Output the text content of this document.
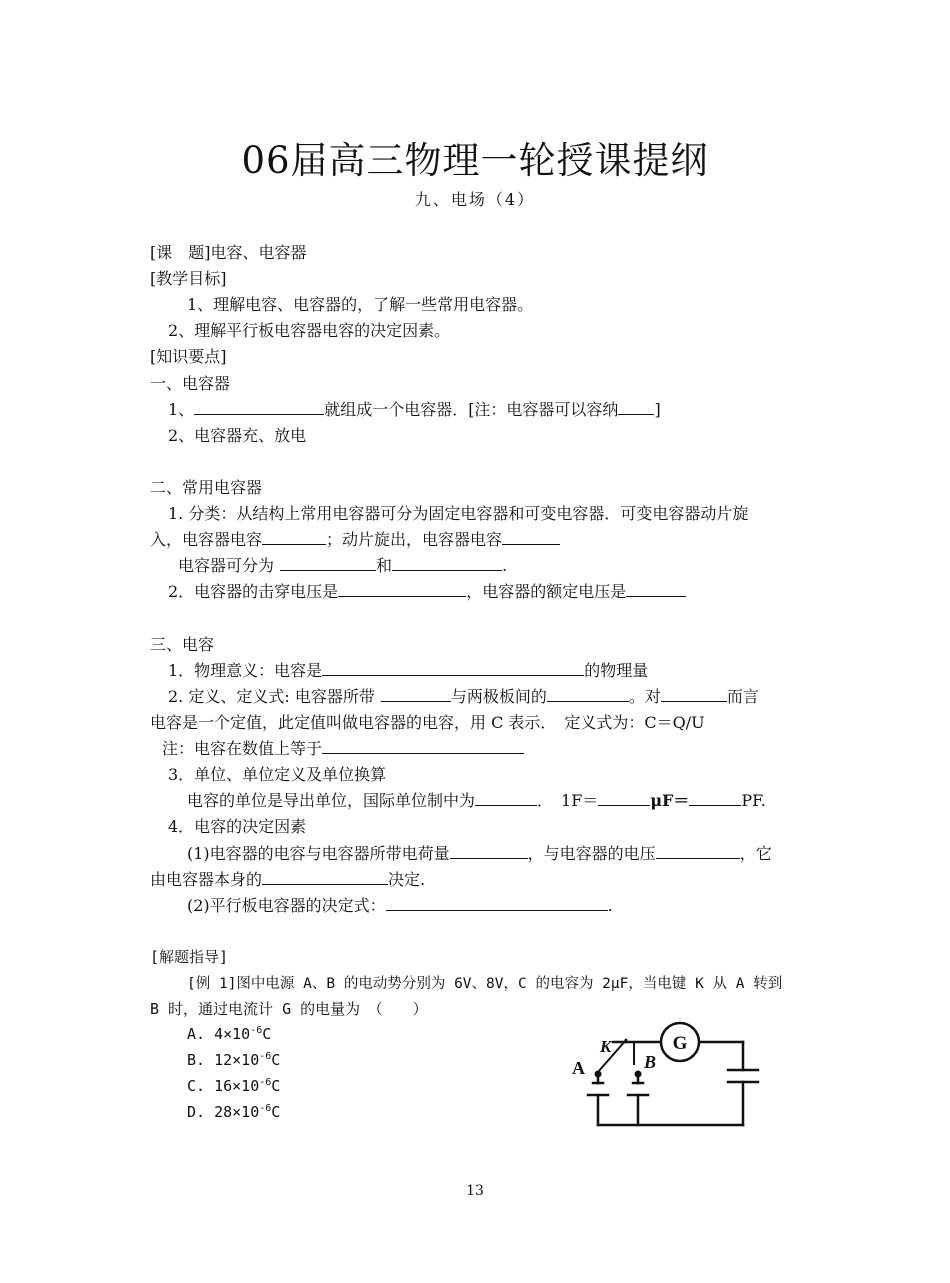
06届高三物理一轮授课提纲
九、电场（4）
[课　题]电容、电容器
[教学目标]
1、理解电容、电容器的，了解一些常用电容器。
2、理解平行板电容器电容的决定因素。
[知识要点]
一、电容器
1、	就组成一个电容器．[注：电容器可以容纳 ]
2、电容器充、放电
二、常用电容器
1. 分类：从结构上常用电容器可分为固定电容器和可变电容器．可变电容器动片旋
入，电容器电容	；动片旋出，电容器电容
电容器可分为	和	.
2．电容器的击穿电压是	，电容器的额定电压是
三、电容
1．物理意义：电容是	的物理量
2. 定义、定义式: 电容器所带	与两极板间的	。对	而言
电容是一个定值，此定值叫做电容器的电容，用 C 表示．　定义式为：C＝Q/U
注：电容在数值上等于
3．单位、单位定义及单位换算
电容的单位是导出单位，国际单位制中为	．　1F＝	μF＝	PF.
4．电容的决定因素
(1)电容器的电容与电容器所带电荷量	，与电容器的电压	，它
由电容器本身的	决定.
(2)平行板电容器的决定式：	.
[解题指导]
[例 1]图中电源 A、B 的电动势分别为 6V、8V，C 的电容为 2μF，当电键 K 从 A 转到
B 时，通过电流计 G 的电量为　（　　）
A. $4\times 10^{-6}C$
B. $12\times 10^{-6}C$
C. $16\times 10^{-6}C$
D. $28\times 10^{-6}C$
G
A	B
K
13
